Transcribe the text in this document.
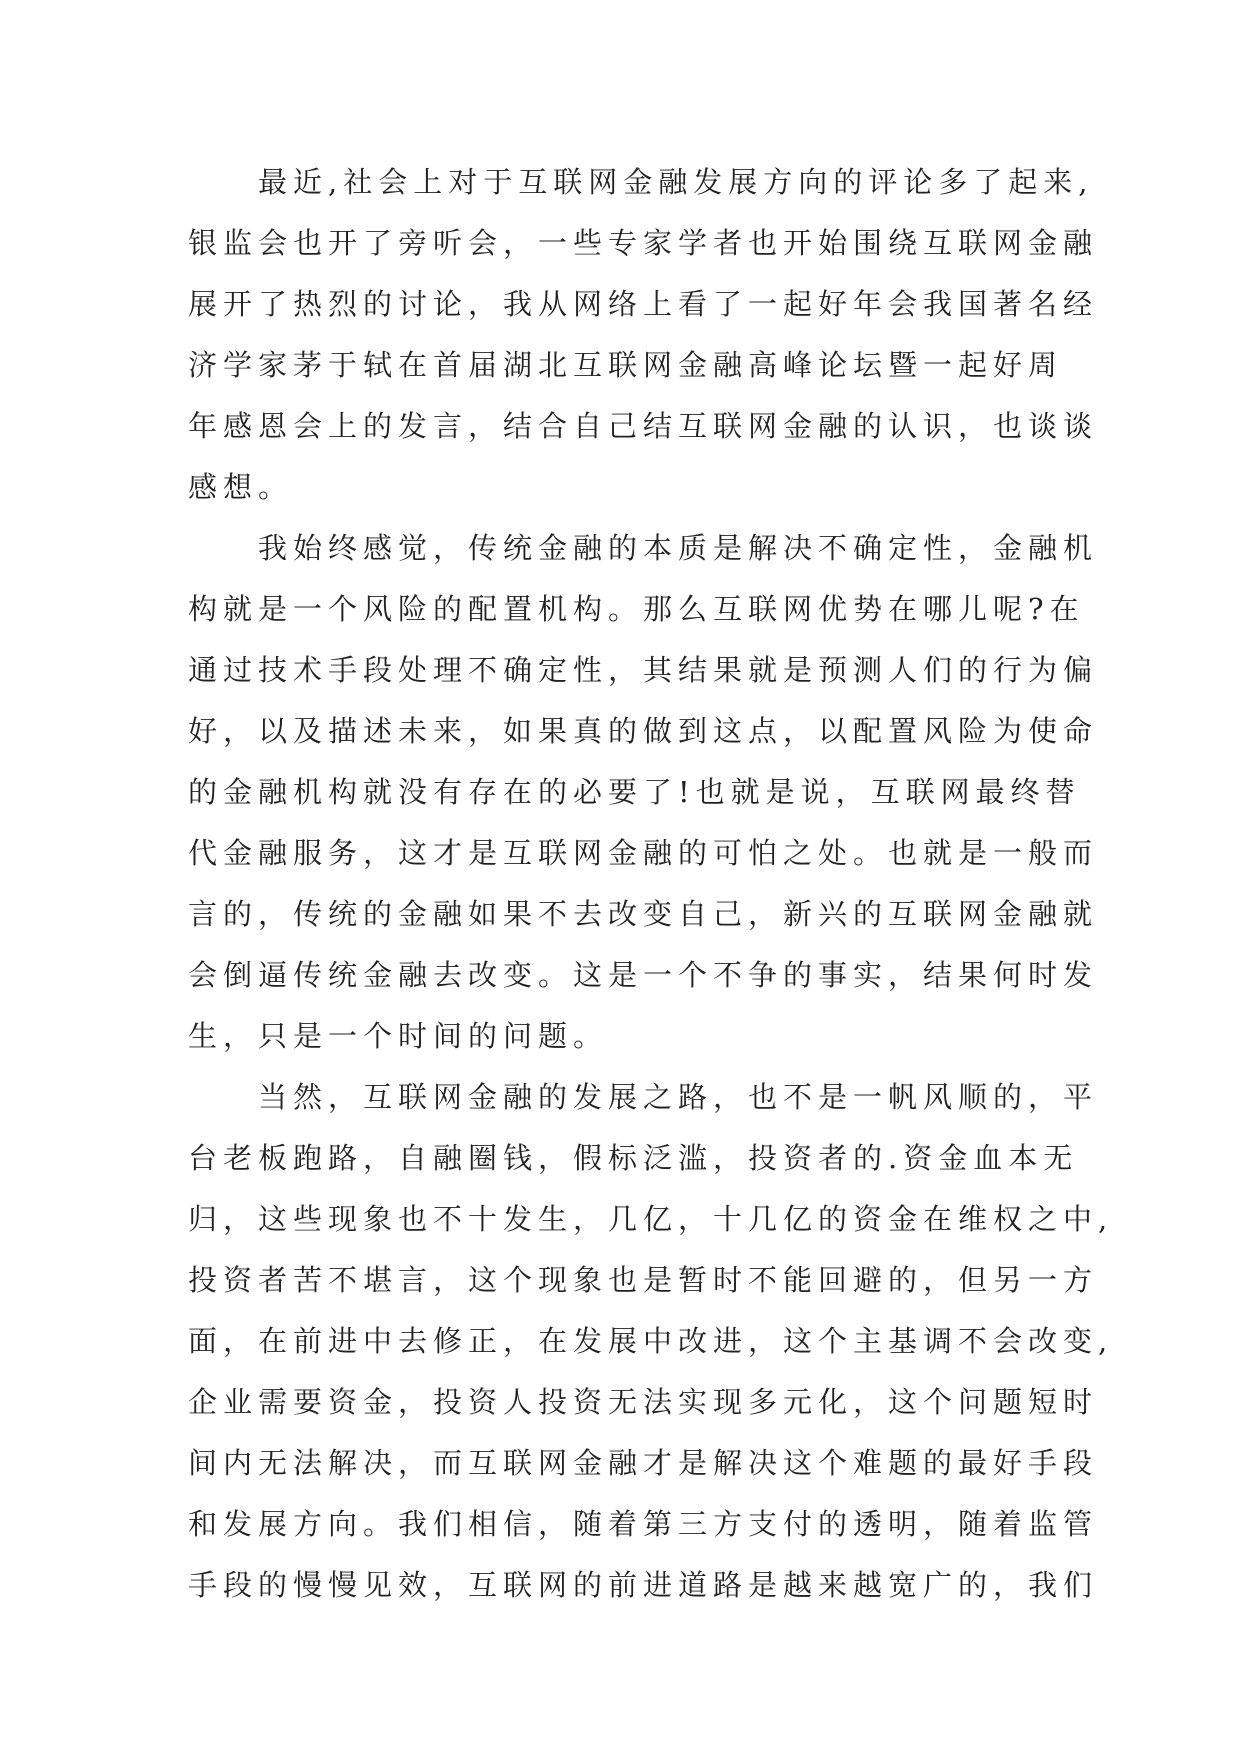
最近,社会上对于互联网金融发展方向的评论多了起来,
银监会也开了旁听会，一些专家学者也开始围绕互联网金融
展开了热烈的讨论，我从网络上看了一起好年会我国著名经
济学家茅于轼在首届湖北互联网金融高峰论坛暨一起好周
年感恩会上的发言，结合自己结互联网金融的认识，也谈谈
感想。
我始终感觉，传统金融的本质是解决不确定性，金融机
构就是一个风险的配置机构。那么互联网优势在哪儿呢?在
通过技术手段处理不确定性，其结果就是预测人们的行为偏
好，以及描述未来，如果真的做到这点，以配置风险为使命
的金融机构就没有存在的必要了!也就是说，互联网最终替
代金融服务，这才是互联网金融的可怕之处。也就是一般而
言的，传统的金融如果不去改变自己，新兴的互联网金融就
会倒逼传统金融去改变。这是一个不争的事实，结果何时发
生，只是一个时间的问题。
当然，互联网金融的发展之路，也不是一帆风顺的，平
台老板跑路，自融圈钱，假标泛滥，投资者的.资金血本无
归，这些现象也不十发生，几亿，十几亿的资金在维权之中,
投资者苦不堪言，这个现象也是暂时不能回避的，但另一方
面，在前进中去修正，在发展中改进，这个主基调不会改变,
企业需要资金，投资人投资无法实现多元化，这个问题短时
间内无法解决，而互联网金融才是解决这个难题的最好手段
和发展方向。我们相信，随着第三方支付的透明，随着监管
手段的慢慢见效，互联网的前进道路是越来越宽广的，我们
